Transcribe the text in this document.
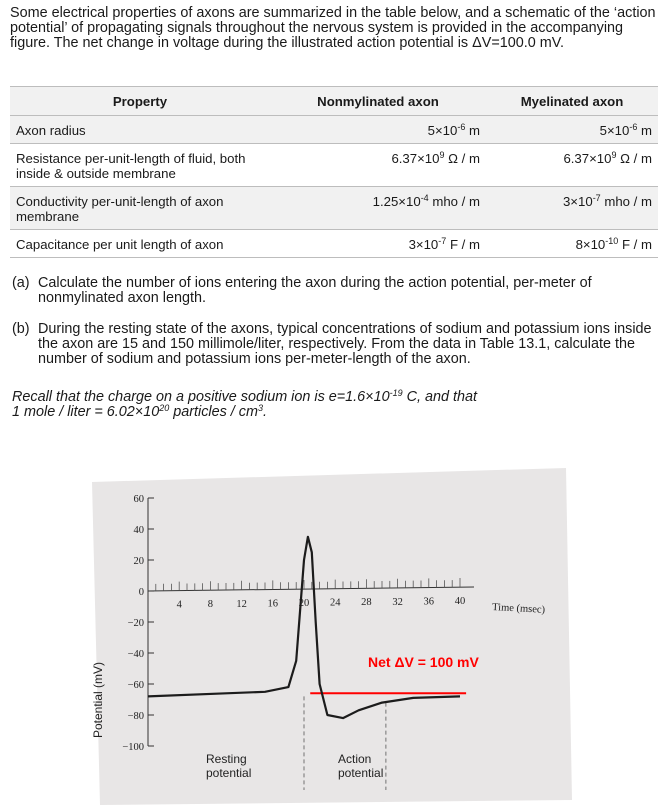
Some electrical properties of axons are summarized in the table below, and a schematic of the ‘action potential’ of propagating signals throughout the nervous system is provided in the accompanying figure. The net change in voltage during the illustrated action potential is ΔV=100.0 mV.
Property	Nonmylinated axon	Myelinated axon
Axon radius	$5\times 10^{-6}$ m	$5\times 10^{-6}$ m
Resistance per-unit-length of fluid, both inside & outside membrane	$6.37\times 10^9$ Ω / m	$6.37\times 10^9$ Ω / m
Conductivity per-unit-length of axon membrane	$1.25\times 10^{-4}$ mho / m	$3\times 10^{-7}$ mho / m
Capacitance per unit length of axon	$3\times 10^{-7}$ F / m	$8\times 10^{-10}$ F / m
(a) Calculate the number of ions entering the axon during the action potential, per-meter of nonmylinated axon length.
(b) During the resting state of the axons, typical concentrations of sodium and potassium ions inside the axon are 15 and 150 millimole/liter, respectively. From the data in Table 13.1, calculate the number of sodium and potassium ions per-meter-length of the axon.
Recall that the charge on a positive sodium ion is $e=1.6\times 10^{-19}$ C, and that
1 mole / liter = $6.02\times 10^{20}$ particles / $cm^3$.
60
40
20
0
−20
−40
−60
−80
−100
4 8 12 16 20 24 28 32 36 40
Potential (mV)
Time (msec)
Net ΔV = 100 mV
Resting
potential
Action
potential
